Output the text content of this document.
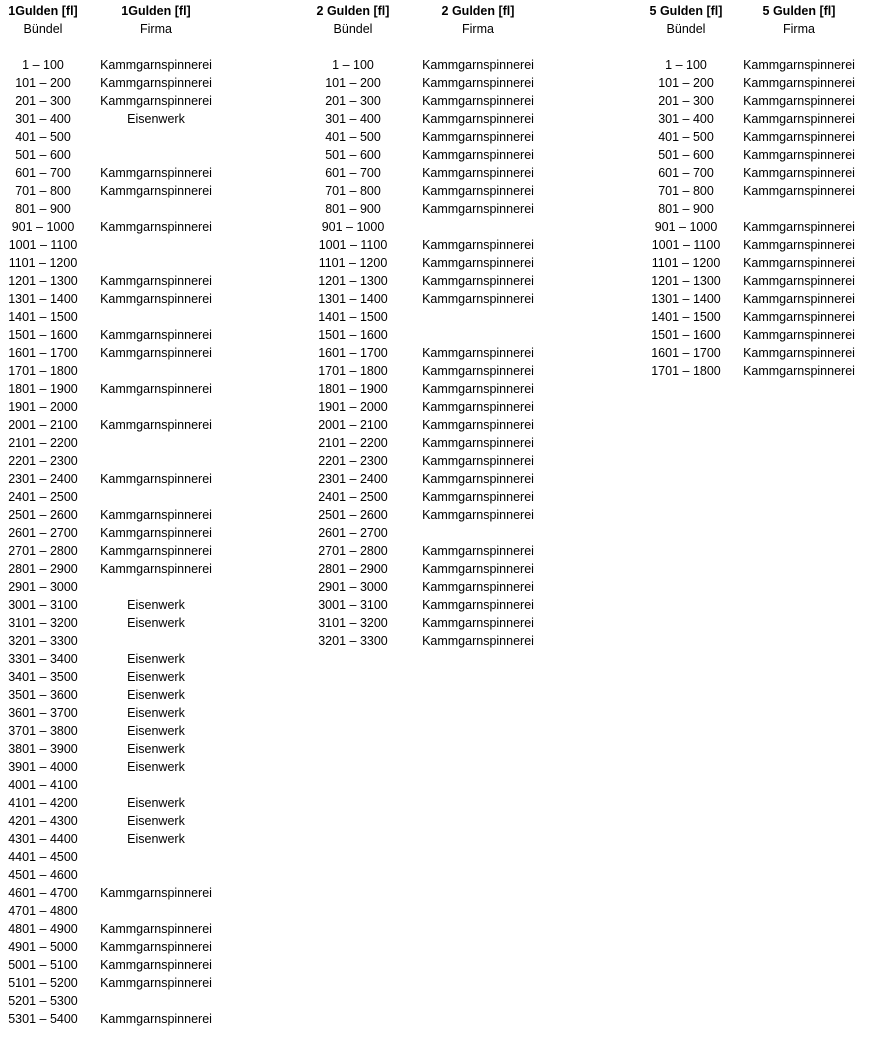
1Gulden [fl]	1Gulden [fl]
Bündel	Firma
1 – 100	Kammgarnspinnerei
101 – 200	Kammgarnspinnerei
201 – 300	Kammgarnspinnerei
301 – 400	Eisenwerk
401 – 500
501 – 600
601 – 700	Kammgarnspinnerei
701 – 800	Kammgarnspinnerei
801 – 900
901 – 1000	Kammgarnspinnerei
1001 – 1100
1101 – 1200
1201 – 1300	Kammgarnspinnerei
1301 – 1400	Kammgarnspinnerei
1401 – 1500
1501 – 1600	Kammgarnspinnerei
1601 – 1700	Kammgarnspinnerei
1701 – 1800
1801 – 1900	Kammgarnspinnerei
1901 – 2000
2001 – 2100	Kammgarnspinnerei
2101 – 2200
2201 – 2300
2301 – 2400	Kammgarnspinnerei
2401 – 2500
2501 – 2600	Kammgarnspinnerei
2601 – 2700	Kammgarnspinnerei
2701 – 2800	Kammgarnspinnerei
2801 – 2900	Kammgarnspinnerei
2901 – 3000
3001 – 3100	Eisenwerk
3101 – 3200	Eisenwerk
3201 – 3300
3301 – 3400	Eisenwerk
3401 – 3500	Eisenwerk
3501 – 3600	Eisenwerk
3601 – 3700	Eisenwerk
3701 – 3800	Eisenwerk
3801 – 3900	Eisenwerk
3901 – 4000	Eisenwerk
4001 – 4100
4101 – 4200	Eisenwerk
4201 – 4300	Eisenwerk
4301 – 4400	Eisenwerk
4401 – 4500
4501 – 4600
4601 – 4700	Kammgarnspinnerei
4701 – 4800
4801 – 4900	Kammgarnspinnerei
4901 – 5000	Kammgarnspinnerei
5001 – 5100	Kammgarnspinnerei
5101 – 5200	Kammgarnspinnerei
5201 – 5300
5301 – 5400	Kammgarnspinnerei
2 Gulden [fl]	2 Gulden [fl]
Bündel	Firma
1 – 100	Kammgarnspinnerei
101 – 200	Kammgarnspinnerei
201 – 300	Kammgarnspinnerei
301 – 400	Kammgarnspinnerei
401 – 500	Kammgarnspinnerei
501 – 600	Kammgarnspinnerei
601 – 700	Kammgarnspinnerei
701 – 800	Kammgarnspinnerei
801 – 900	Kammgarnspinnerei
901 – 1000
1001 – 1100	Kammgarnspinnerei
1101 – 1200	Kammgarnspinnerei
1201 – 1300	Kammgarnspinnerei
1301 – 1400	Kammgarnspinnerei
1401 – 1500
1501 – 1600
1601 – 1700	Kammgarnspinnerei
1701 – 1800	Kammgarnspinnerei
1801 – 1900	Kammgarnspinnerei
1901 – 2000	Kammgarnspinnerei
2001 – 2100	Kammgarnspinnerei
2101 – 2200	Kammgarnspinnerei
2201 – 2300	Kammgarnspinnerei
2301 – 2400	Kammgarnspinnerei
2401 – 2500	Kammgarnspinnerei
2501 – 2600	Kammgarnspinnerei
2601 – 2700
2701 – 2800	Kammgarnspinnerei
2801 – 2900	Kammgarnspinnerei
2901 – 3000	Kammgarnspinnerei
3001 – 3100	Kammgarnspinnerei
3101 – 3200	Kammgarnspinnerei
3201 – 3300	Kammgarnspinnerei
5 Gulden [fl]	5 Gulden [fl]
Bündel	Firma
1 – 100	Kammgarnspinnerei
101 – 200	Kammgarnspinnerei
201 – 300	Kammgarnspinnerei
301 – 400	Kammgarnspinnerei
401 – 500	Kammgarnspinnerei
501 – 600	Kammgarnspinnerei
601 – 700	Kammgarnspinnerei
701 – 800	Kammgarnspinnerei
801 – 900
901 – 1000	Kammgarnspinnerei
1001 – 1100	Kammgarnspinnerei
1101 – 1200	Kammgarnspinnerei
1201 – 1300	Kammgarnspinnerei
1301 – 1400	Kammgarnspinnerei
1401 – 1500	Kammgarnspinnerei
1501 – 1600	Kammgarnspinnerei
1601 – 1700	Kammgarnspinnerei
1701 – 1800	Kammgarnspinnerei
